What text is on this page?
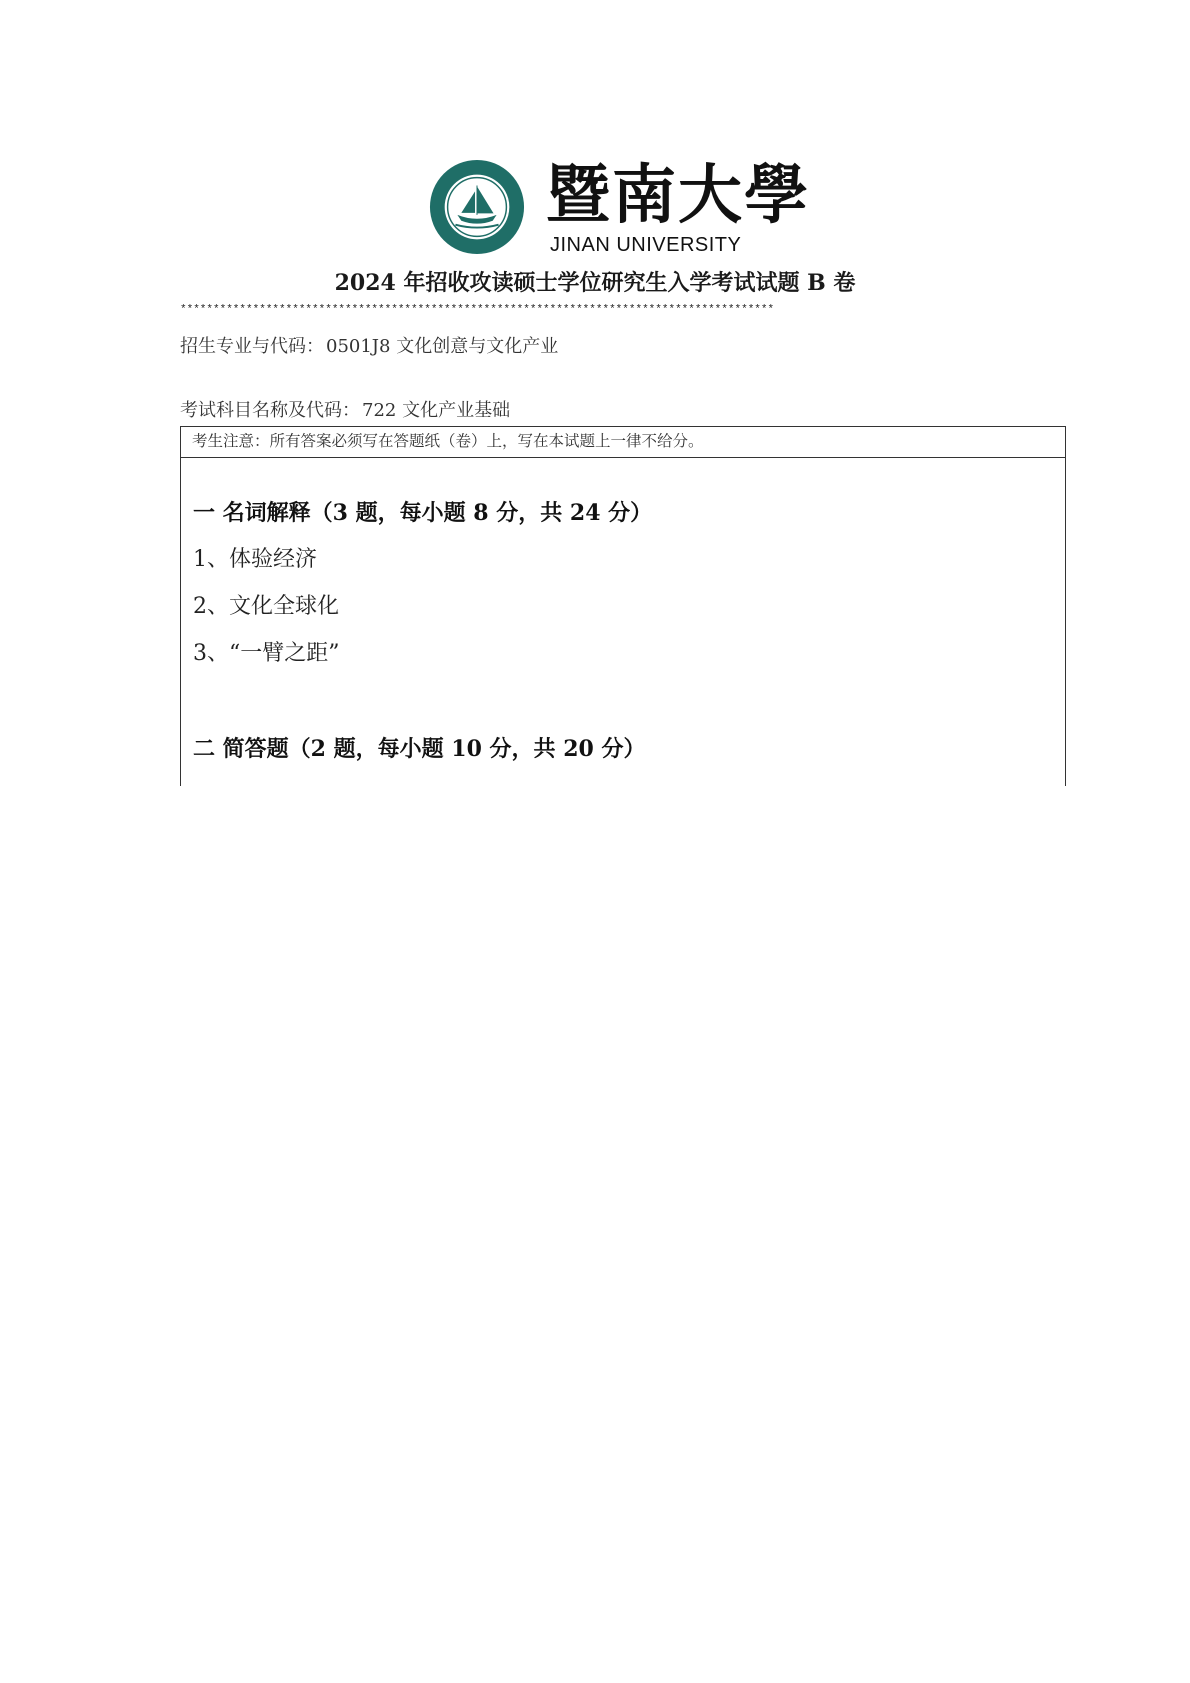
暨南大學
JINAN UNIVERSITY
2024 年招收攻读硕士学位研究生入学考试试题 B 卷
******************************************************************************************
招生专业与代码： 0501J8 文化创意与文化产业
考试科目名称及代码： 722 文化产业基础
考生注意：所有答案必须写在答题纸（卷）上，写在本试题上一律不给分。
一 名词解释（3 题，每小题 8 分，共 24 分）
1、体验经济
2、文化全球化
3、“一臂之距”
二 简答题（2 题，每小题 10 分，共 20 分）
